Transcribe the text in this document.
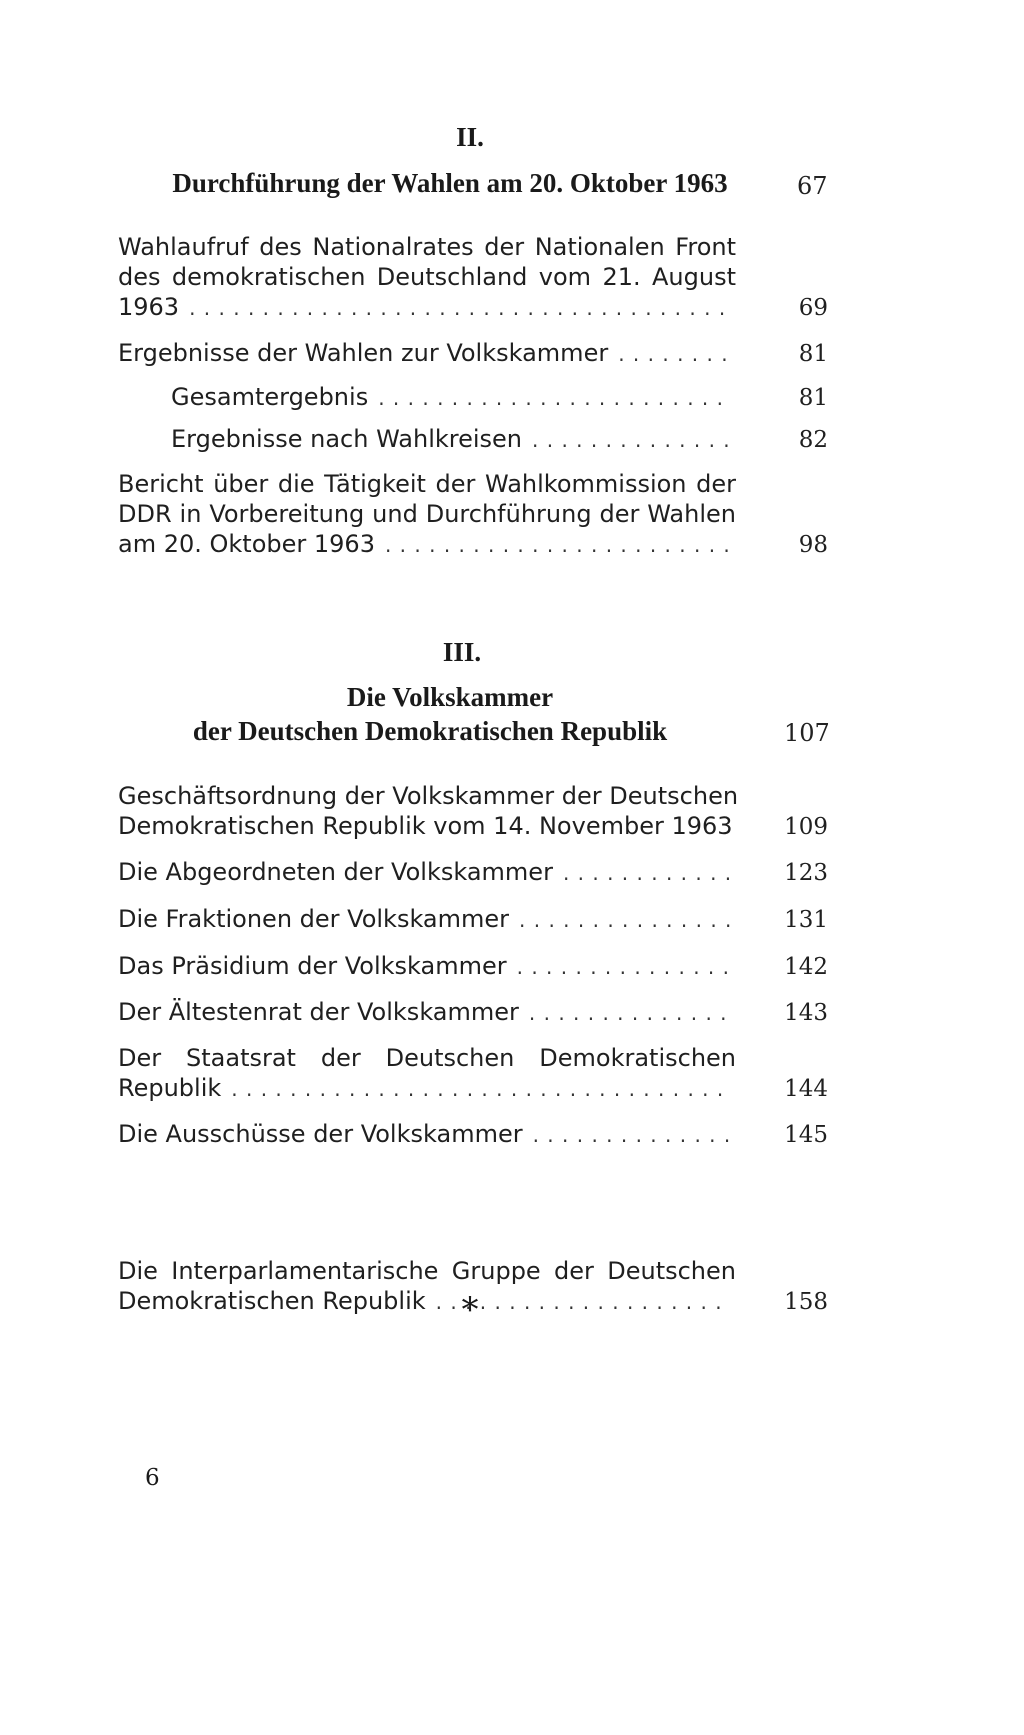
II.
Durchführung der Wahlen am 20. Oktober 1963	67
Wahlaufruf des Nationalrates der Nationalen Front
des demokratischen Deutschland vom 21. August
1963 . . .	69
Ergebnisse der Wahlen zur Volkskammer . . .	81
Gesamtergebnis . . .	81
Ergebnisse nach Wahlkreisen . . .	82
Bericht über die Tätigkeit der Wahlkommission der
DDR in Vorbereitung und Durchführung der Wahlen
am 20. Oktober 1963 . . .	98
III.
Die Volkskammer
der Deutschen Demokratischen Republik	107
Geschäftsordnung der Volkskammer der Deutschen
Demokratischen Republik vom 14. November 1963 109
Die Abgeordneten der Volkskammer . . .	123
Die Fraktionen der Volkskammer . . .	131
Das Präsidium der Volkskammer . . .	142
Der Ältestenrat der Volkskammer . . .	143
Der Staatsrat der Deutschen Demokratischen
Republik . . .	144
Die Ausschüsse der Volkskammer . . .	145
*
Die Interparlamentarische Gruppe der Deutschen
Demokratischen Republik . . .	158
6
